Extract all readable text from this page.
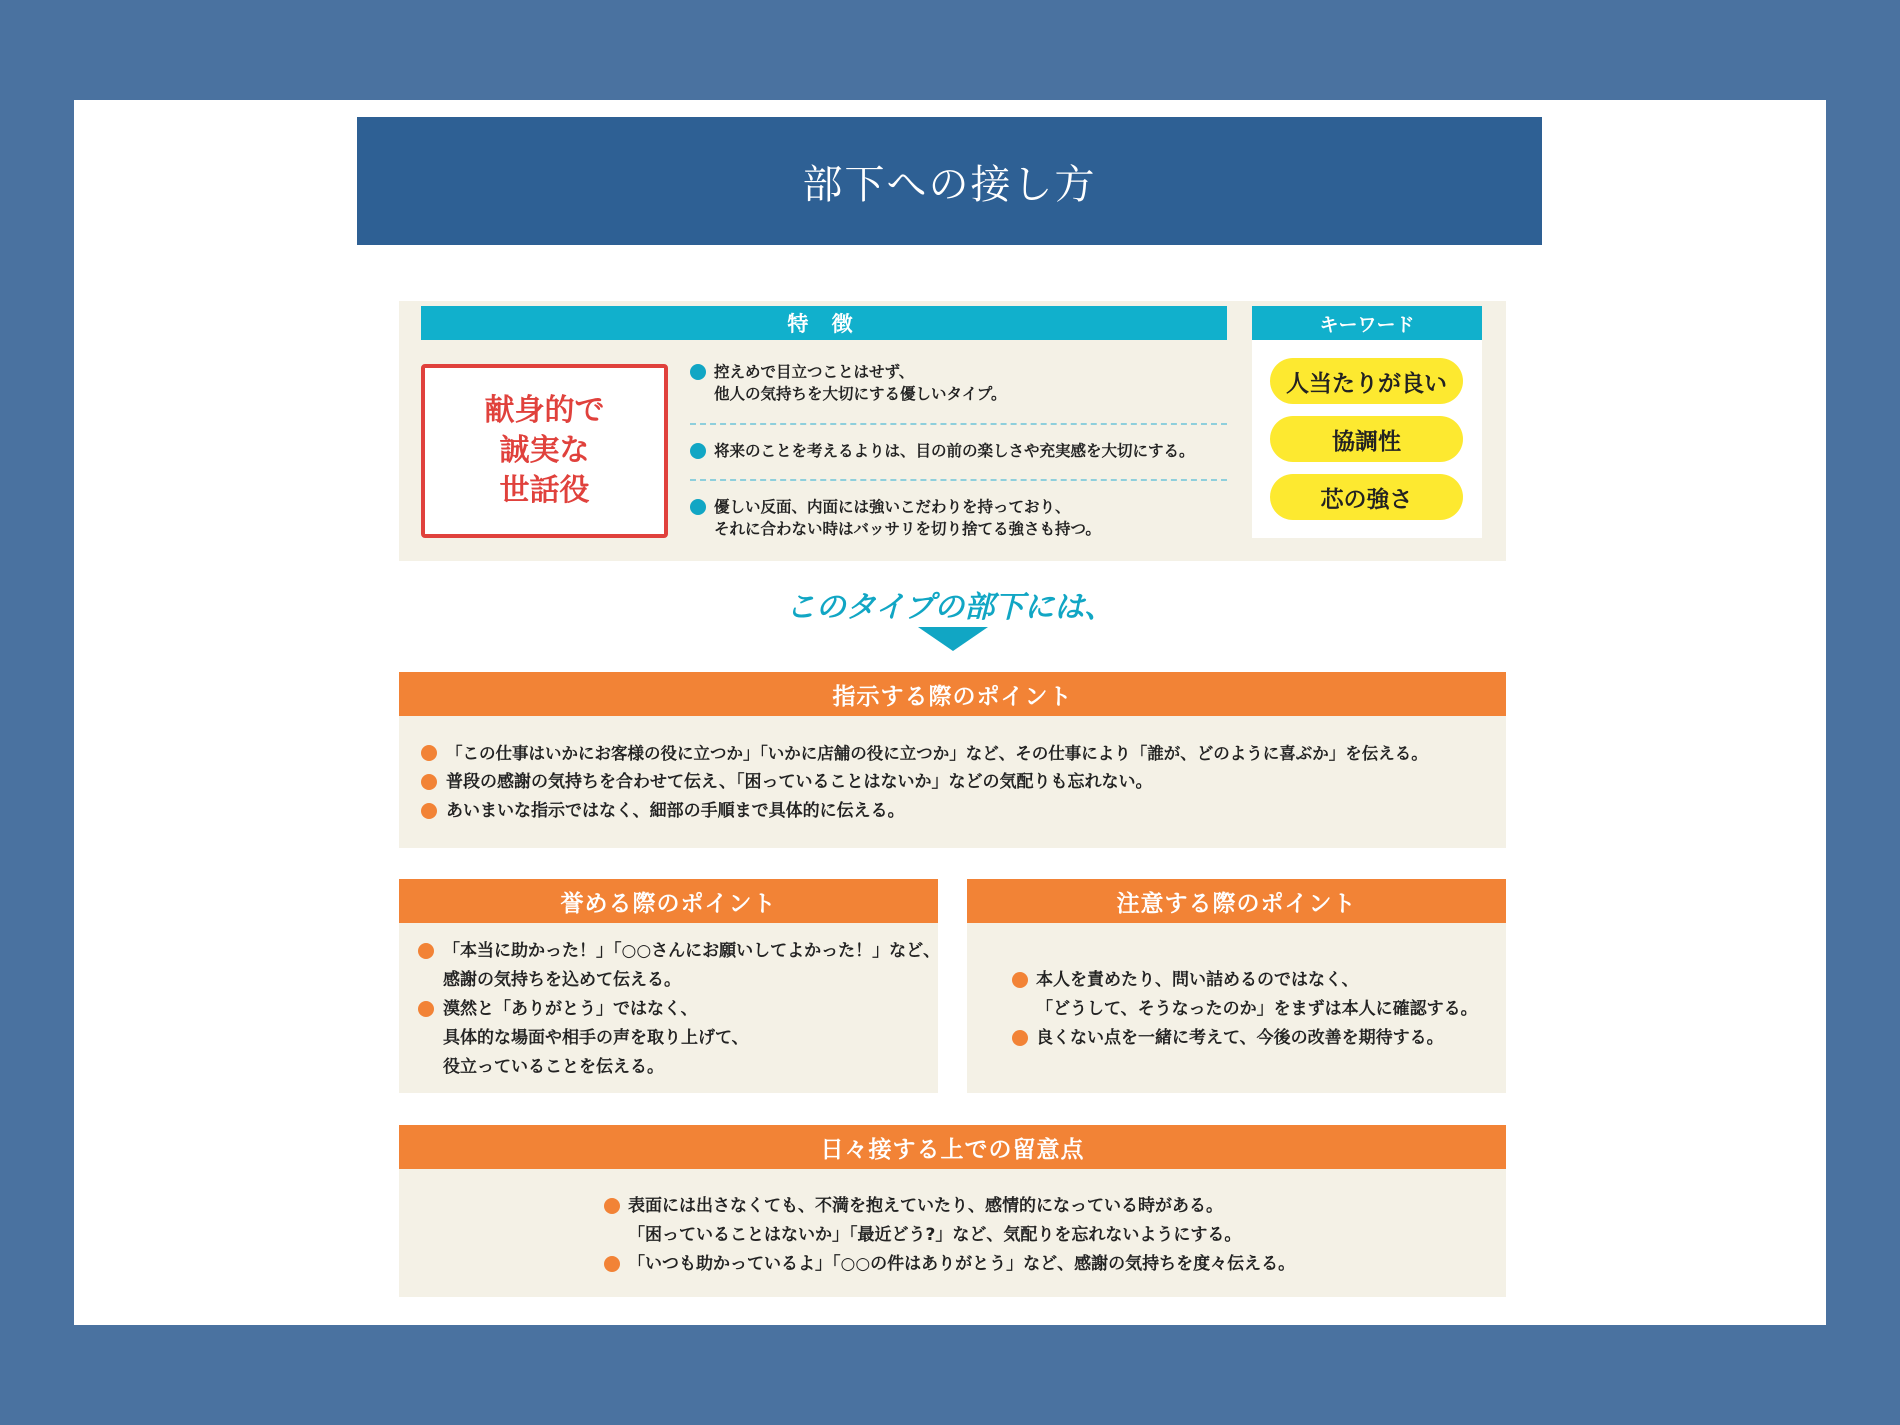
部下への接し方
特 徴	キーワード
人当たりが良い
協調性
芯の強さ
献身的で
誠実な
世話役
控えめで目立つことはせず、
他人の気持ちを大切にする優しいタイプ。
将来のことを考えるよりは、目の前の楽しさや充実感を大切にする。
優しい反面、内面には強いこだわりを持っており、
それに合わない時はバッサリを切り捨てる強さも持つ。
このタイプの部下には、
指示する際のポイント
「この仕事はいかにお客様の役に立つか」「いかに店舗の役に立つか」など、その仕事により「誰が、どのように喜ぶか」を伝える。
普段の感謝の気持ちを合わせて伝え、「困っていることはないか」などの気配りも忘れない。
あいまいな指示ではなく、細部の手順まで具体的に伝える。
誉める際のポイント
「本当に助かった！」「○○さんにお願いしてよかった！」など、
感謝の気持ちを込めて伝える。
漠然と「ありがとう」ではなく、
具体的な場面や相手の声を取り上げて、
役立っていることを伝える。
注意する際のポイント
本人を責めたり、問い詰めるのではなく、
「どうして、そうなったのか」をまずは本人に確認する。
良くない点を一緒に考えて、今後の改善を期待する。
日々接する上での留意点
表面には出さなくても、不満を抱えていたり、感情的になっている時がある。
「困っていることはないか」「最近どう?」など、気配りを忘れないようにする。
「いつも助かっているよ」「○○の件はありがとう」など、感謝の気持ちを度々伝える。
